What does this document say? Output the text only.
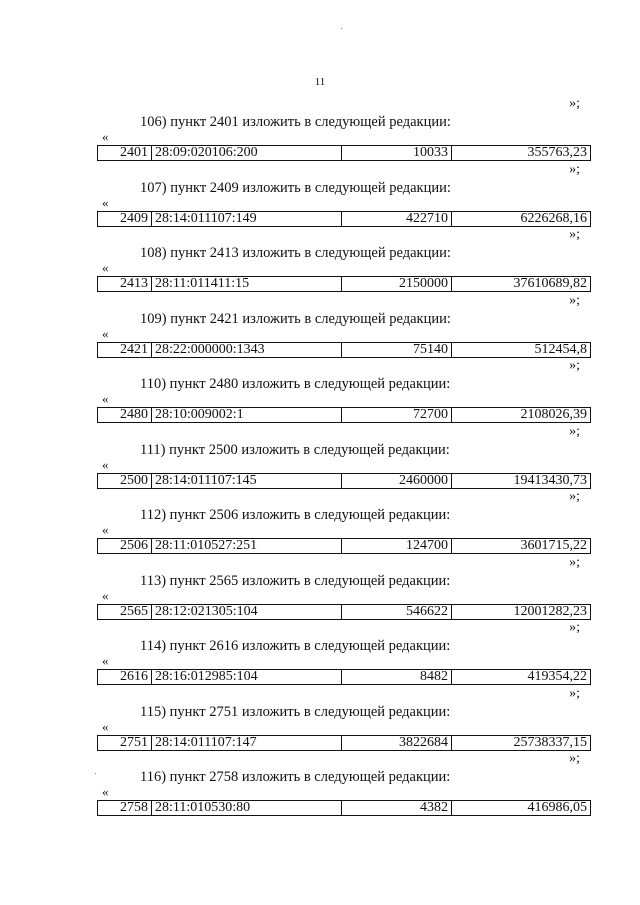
11
»;
106) пункт 2401 изложить в следующей редакции:
«
2401	28:09:020106:200	10033	355763,23
»;
107) пункт 2409 изложить в следующей редакции:
«
2409	28:14:011107:149	422710	6226268,16
»;
108) пункт 2413 изложить в следующей редакции:
«
2413	28:11:011411:15	2150000	37610689,82
»;
109) пункт 2421 изложить в следующей редакции:
«
2421	28:22:000000:1343	75140	512454,8
»;
110) пункт 2480 изложить в следующей редакции:
«
2480	28:10:009002:1	72700	2108026,39
»;
111) пункт 2500 изложить в следующей редакции:
«
2500	28:14:011107:145	2460000	19413430,73
»;
112) пункт 2506 изложить в следующей редакции:
«
2506	28:11:010527:251	124700	3601715,22
»;
113) пункт 2565 изложить в следующей редакции:
«
2565	28:12:021305:104	546622	12001282,23
»;
114) пункт 2616 изложить в следующей редакции:
«
2616	28:16:012985:104	8482	419354,22
»;
115) пункт 2751 изложить в следующей редакции:
«
2751	28:14:011107:147	3822684	25738337,15
»;
116) пункт 2758 изложить в следующей редакции:
«
2758	28:11:010530:80	4382	416986,05
